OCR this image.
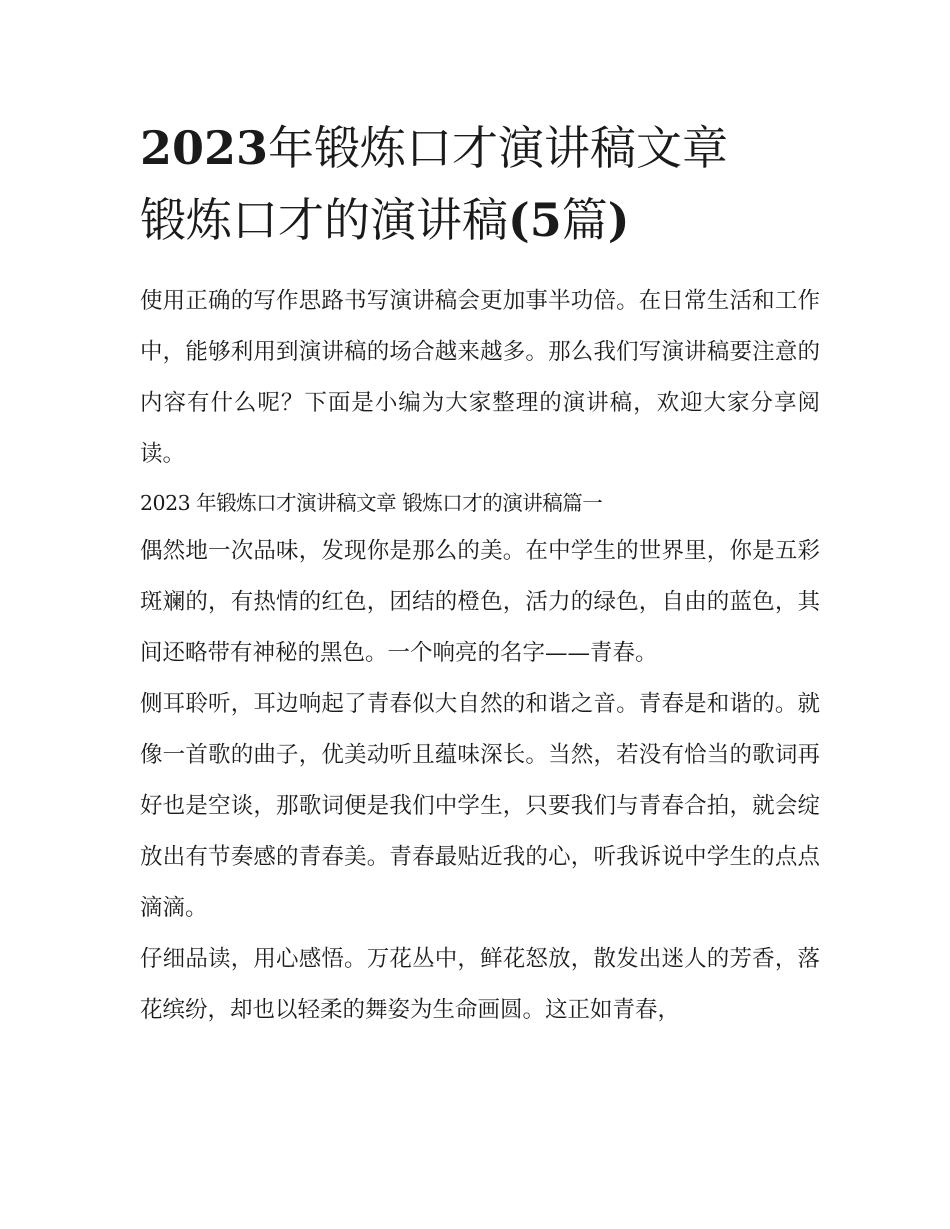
2023年锻炼口才演讲稿文章
锻炼口才的演讲稿(5篇)

使用正确的写作思路书写演讲稿会更加事半功倍。在日常生活和工作中，能够利用到演讲稿的场合越来越多。那么我们写演讲稿要注意的内容有什么呢？下面是小编为大家整理的演讲稿，欢迎大家分享阅读。

2023 年锻炼口才演讲稿文章 锻炼口才的演讲稿篇一

偶然地一次品味，发现你是那么的美。在中学生的世界里，你是五彩斑斓的，有热情的红色，团结的橙色，活力的绿色，自由的蓝色，其间还略带有神秘的黑色。一个响亮的名字——青春。

侧耳聆听，耳边响起了青春似大自然的和谐之音。青春是和谐的。就像一首歌的曲子，优美动听且蕴味深长。当然，若没有恰当的歌词再好也是空谈，那歌词便是我们中学生，只要我们与青春合拍，就会绽放出有节奏感的青春美。青春最贴近我的心，听我诉说中学生的点点滴滴。

仔细品读，用心感悟。万花丛中，鲜花怒放，散发出迷人的芳香，落花缤纷，却也以轻柔的舞姿为生命画圆。这正如青春，
